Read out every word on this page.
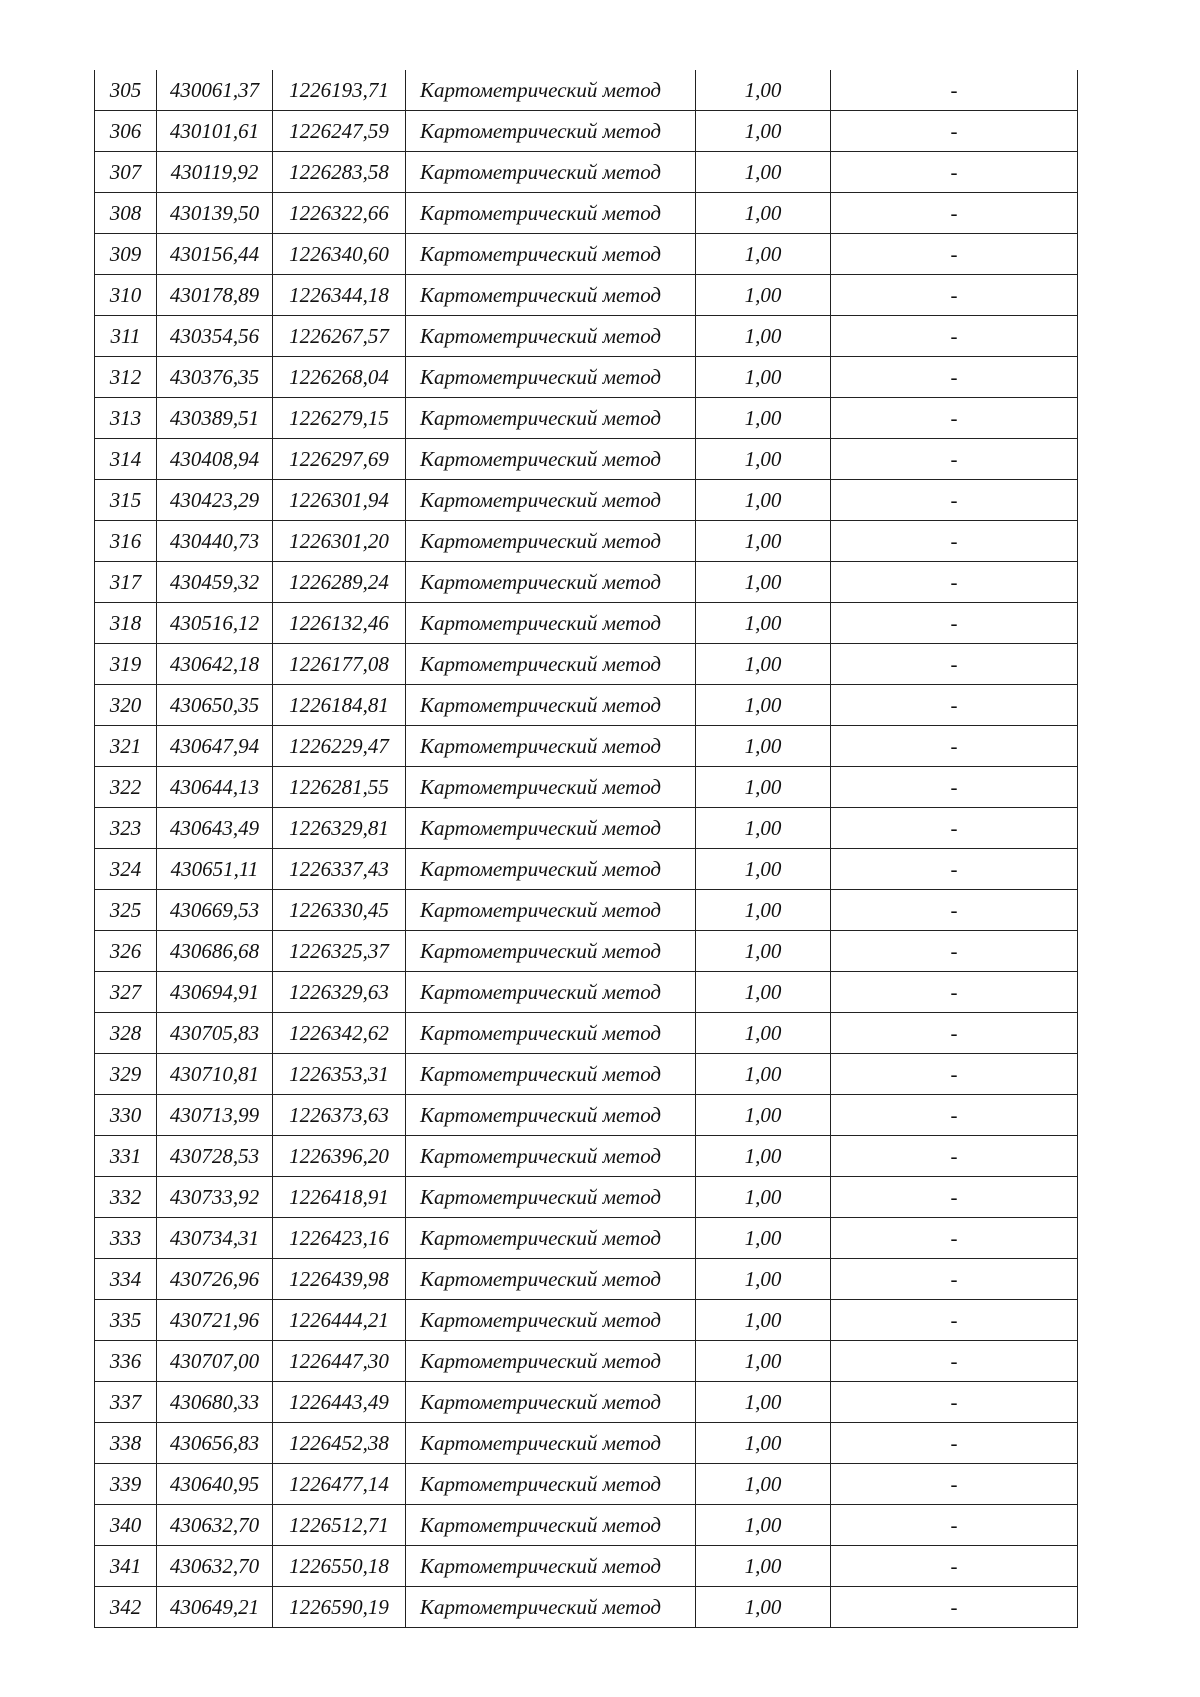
305	430061,37	1226193,71	Картометрический метод	1,00	-
306	430101,61	1226247,59	Картометрический метод	1,00	-
307	430119,92	1226283,58	Картометрический метод	1,00	-
308	430139,50	1226322,66	Картометрический метод	1,00	-
309	430156,44	1226340,60	Картометрический метод	1,00	-
310	430178,89	1226344,18	Картометрический метод	1,00	-
311	430354,56	1226267,57	Картометрический метод	1,00	-
312	430376,35	1226268,04	Картометрический метод	1,00	-
313	430389,51	1226279,15	Картометрический метод	1,00	-
314	430408,94	1226297,69	Картометрический метод	1,00	-
315	430423,29	1226301,94	Картометрический метод	1,00	-
316	430440,73	1226301,20	Картометрический метод	1,00	-
317	430459,32	1226289,24	Картометрический метод	1,00	-
318	430516,12	1226132,46	Картометрический метод	1,00	-
319	430642,18	1226177,08	Картометрический метод	1,00	-
320	430650,35	1226184,81	Картометрический метод	1,00	-
321	430647,94	1226229,47	Картометрический метод	1,00	-
322	430644,13	1226281,55	Картометрический метод	1,00	-
323	430643,49	1226329,81	Картометрический метод	1,00	-
324	430651,11	1226337,43	Картометрический метод	1,00	-
325	430669,53	1226330,45	Картометрический метод	1,00	-
326	430686,68	1226325,37	Картометрический метод	1,00	-
327	430694,91	1226329,63	Картометрический метод	1,00	-
328	430705,83	1226342,62	Картометрический метод	1,00	-
329	430710,81	1226353,31	Картометрический метод	1,00	-
330	430713,99	1226373,63	Картометрический метод	1,00	-
331	430728,53	1226396,20	Картометрический метод	1,00	-
332	430733,92	1226418,91	Картометрический метод	1,00	-
333	430734,31	1226423,16	Картометрический метод	1,00	-
334	430726,96	1226439,98	Картометрический метод	1,00	-
335	430721,96	1226444,21	Картометрический метод	1,00	-
336	430707,00	1226447,30	Картометрический метод	1,00	-
337	430680,33	1226443,49	Картометрический метод	1,00	-
338	430656,83	1226452,38	Картометрический метод	1,00	-
339	430640,95	1226477,14	Картометрический метод	1,00	-
340	430632,70	1226512,71	Картометрический метод	1,00	-
341	430632,70	1226550,18	Картометрический метод	1,00	-
342	430649,21	1226590,19	Картометрический метод	1,00	-
